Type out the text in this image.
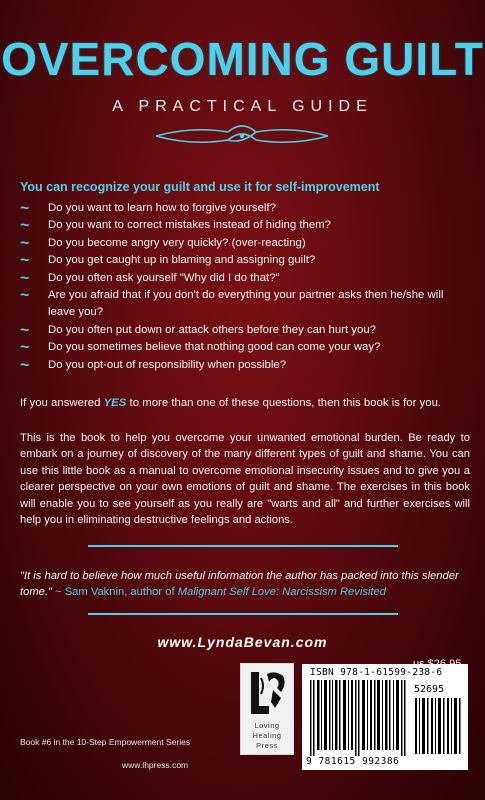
OVERCOMING GUILT
A PRACTICAL GUIDE
You can recognize your guilt and use it for self-improvement
~	Do you want to learn how to forgive yourself?
~	Do you want to correct mistakes instead of hiding them?
~	Do you become angry very quickly? (over-reacting)
~	Do you get caught up in blaming and assigning guilt?
~	Do you often ask yourself "Why did I do that?"
~	Are you afraid that if you don't do everything your partner asks then he/she will leave you?
~	Do you often put down or attack others before they can hurt you?
~	Do you sometimes believe that nothing good can come your way?
~	Do you opt-out of responsibility when possible?
If you answered YES to more than one of these questions, then this book is for you.
This is the book to help you overcome your unwanted emotional burden. Be ready to embark on a journey of discovery of the many different types of guilt and shame. You can use this little book as a manual to overcome emotional insecurity issues and to give you a clearer perspective on your own emotions of guilt and shame. The exercises in this book will enable you to see yourself as you really are "warts and all" and further exercises will help you in eliminating destructive feelings and actions.
"It is hard to believe how much useful information the author has packed into this slender tome." ~ Sam Vaknin, author of Malignant Self Love: Narcissism Revisited
www.LyndaBevan.com
Loving
Healing
Press
ISBN 978-1-61599-238-6
52695
9 781615 992386
Book #6 in the 10-Step Empowerment Series
www.lhpress.com
